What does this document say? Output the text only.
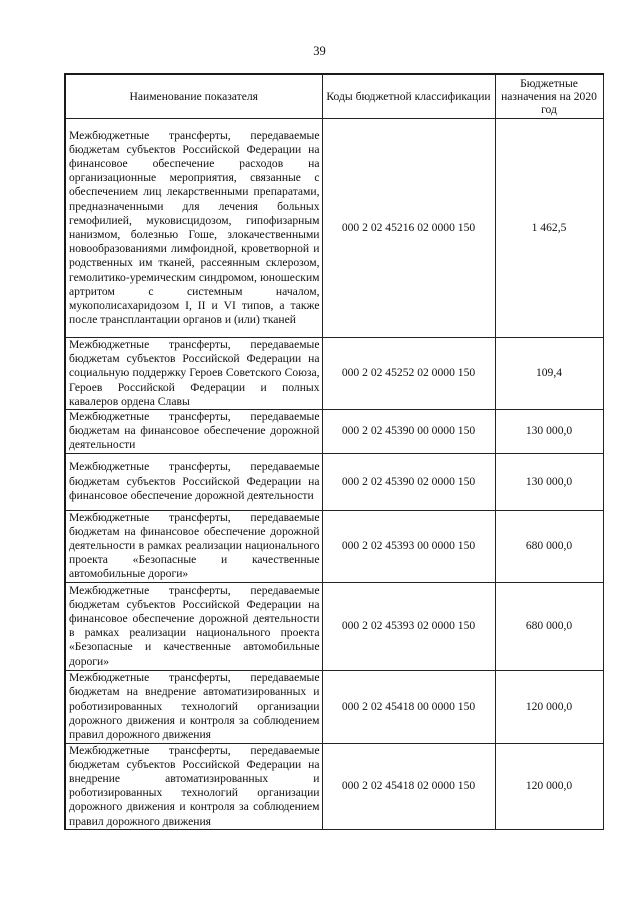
39
Наименование показателя	Коды бюджетной классификации	Бюджетные назначения на 2020 год
Межбюджетные трансферты, передаваемые бюджетам субъектов Российской Федерации на финансовое обеспечение расходов на организационные мероприятия, связанные с обеспечением лиц лекарственными препаратами, предназначенными для лечения больных гемофилией, муковисцидозом, гипофизарным нанизмом, болезнью Гоше, злокачественными новообразованиями лимфоидной, кроветворной и родственных им тканей, рассеянным склерозом, гемолитико-уремическим синдромом, юношеским артритом с системным началом, мукополисахаридозом I, II и VI типов, а также после трансплантации органов и (или) тканей	000 2 02 45216 02 0000 150	1 462,5
Межбюджетные трансферты, передаваемые бюджетам субъектов Российской Федерации на социальную поддержку Героев Советского Союза, Героев Российской Федерации и полных кавалеров ордена Славы	000 2 02 45252 02 0000 150	109,4
Межбюджетные трансферты, передаваемые бюджетам на финансовое обеспечение дорожной деятельности	000 2 02 45390 00 0000 150	130 000,0
Межбюджетные трансферты, передаваемые бюджетам субъектов Российской Федерации на финансовое обеспечение дорожной деятельности	000 2 02 45390 02 0000 150	130 000,0
Межбюджетные трансферты, передаваемые бюджетам на финансовое обеспечение дорожной деятельности в рамках реализации национального проекта «Безопасные и качественные автомобильные дороги»	000 2 02 45393 00 0000 150	680 000,0
Межбюджетные трансферты, передаваемые бюджетам субъектов Российской Федерации на финансовое обеспечение дорожной деятельности в рамках реализации национального проекта «Безопасные и качественные автомобильные дороги»	000 2 02 45393 02 0000 150	680 000,0
Межбюджетные трансферты, передаваемые бюджетам на внедрение автоматизированных и роботизированных технологий организации дорожного движения и контроля за соблюдением правил дорожного движения	000 2 02 45418 00 0000 150	120 000,0
Межбюджетные трансферты, передаваемые бюджетам субъектов Российской Федерации на внедрение автоматизированных и роботизированных технологий организации дорожного движения и контроля за соблюдением правил дорожного движения	000 2 02 45418 02 0000 150	120 000,0
